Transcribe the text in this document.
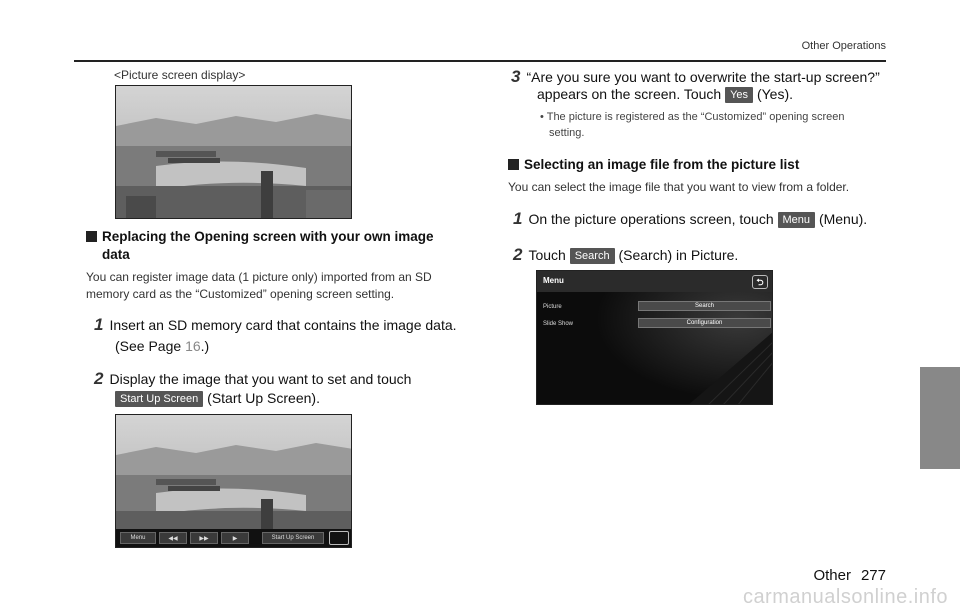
Other Operations
<Picture screen display>
Replacing the Opening screen with your own image
data
You can register image data (1 picture only) imported from an SD
memory card as the “Customized” opening screen setting.
1 Insert an SD memory card that contains the image data.
(See Page 16.)
2 Display the image that you want to set and touch
Start Up Screen (Start Up Screen).
Menu	◀◀	▶▶	▶	Start Up Screen
3 “Are you sure you want to overwrite the start-up screen?”
appears on the screen. Touch Yes (Yes).
• The picture is registered as the “Customized” opening screen
setting.
Selecting an image file from the picture list
You can select the image file that you want to view from a folder.
1 On the picture operations screen, touch Menu (Menu).
2 Touch Search (Search) in Picture.
Menu	⮌
Picture	Search
Slide Show	Configuration
Other 277
carmanualsonline.info
